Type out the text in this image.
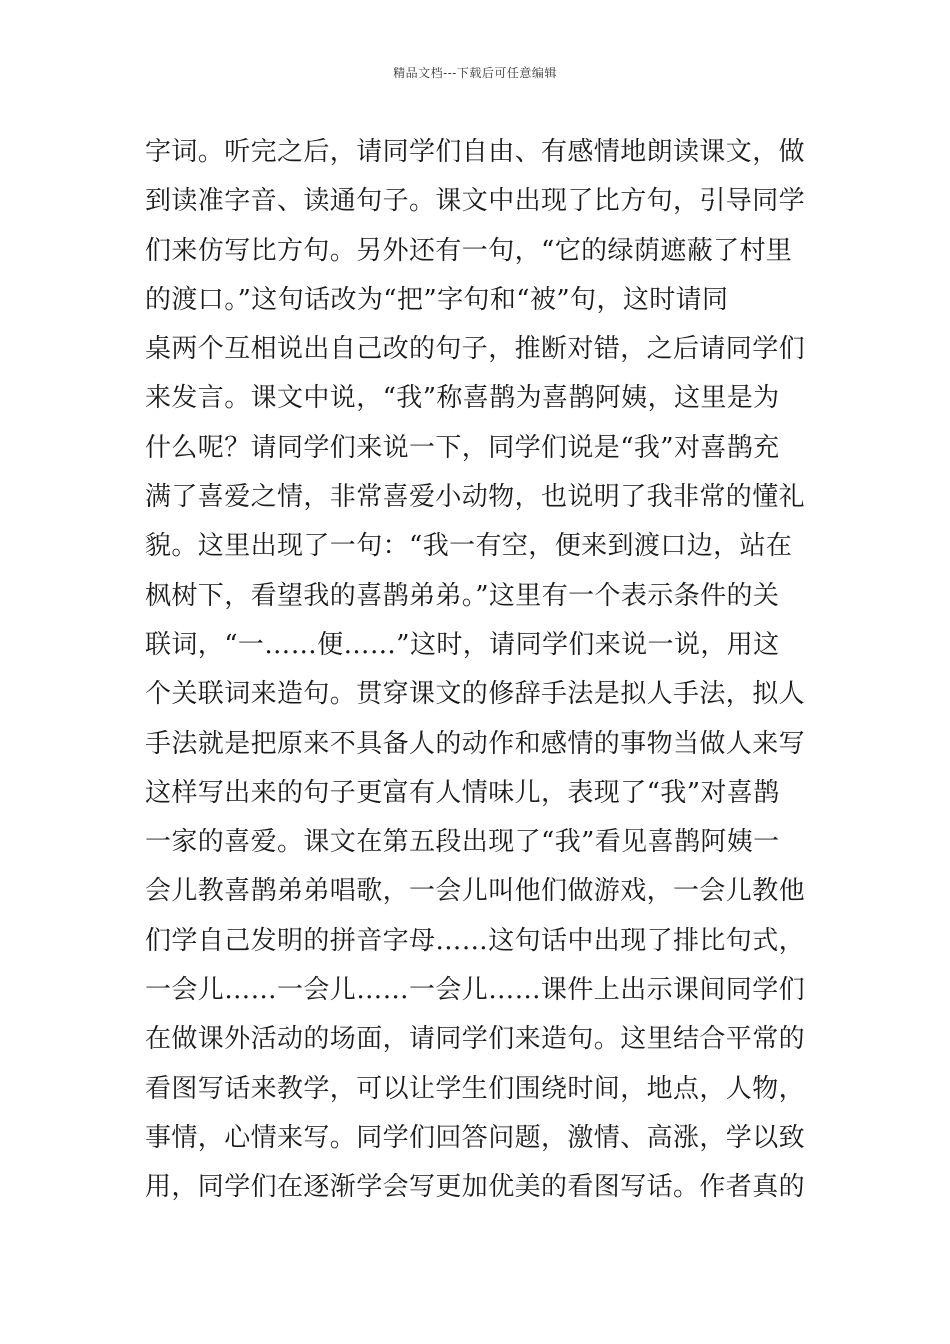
精品文档---下载后可任意编辑
字词。听完之后，请同学们自由、有感情地朗读课文，做
到读准字音、读通句子。课文中出现了比方句，引导同学
们来仿写比方句。另外还有一句，“它的绿荫遮蔽了村里
的渡口。”这句话改为“把”字句和“被”句，这时请同
桌两个互相说出自己改的句子，推断对错，之后请同学们
来发言。课文中说，“我”称喜鹊为喜鹊阿姨，这里是为
什么呢？请同学们来说一下，同学们说是“我”对喜鹊充
满了喜爱之情，非常喜爱小动物，也说明了我非常的懂礼
貌。这里出现了一句：“我一有空，便来到渡口边，站在
枫树下，看望我的喜鹊弟弟。”这里有一个表示条件的关
联词，“一……便……”这时，请同学们来说一说，用这
个关联词来造句。贯穿课文的修辞手法是拟人手法，拟人
手法就是把原来不具备人的动作和感情的事物当做人来写
这样写出来的句子更富有人情味儿，表现了“我”对喜鹊
一家的喜爱。课文在第五段出现了“我”看见喜鹊阿姨一
会儿教喜鹊弟弟唱歌，一会儿叫他们做游戏，一会儿教他
们学自己发明的拼音字母……这句话中出现了排比句式，
一会儿……一会儿……一会儿……课件上出示课间同学们
在做课外活动的场面，请同学们来造句。这里结合平常的
看图写话来教学，可以让学生们围绕时间，地点，人物，
事情，心情来写。同学们回答问题，激情、高涨，学以致
用，同学们在逐渐学会写更加优美的看图写话。作者真的
